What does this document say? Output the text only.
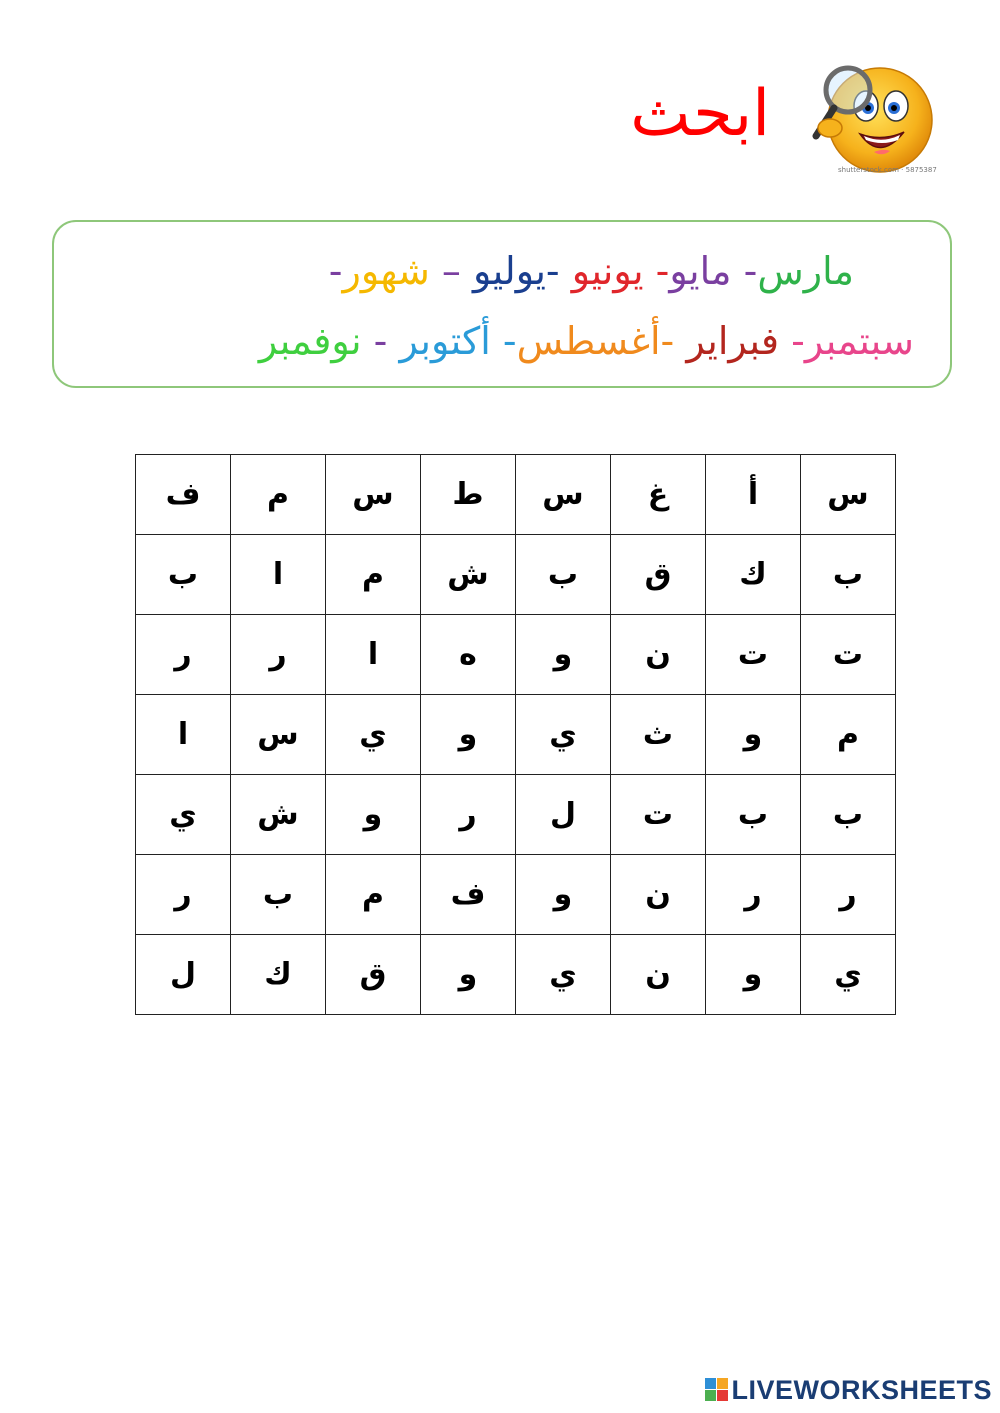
ابحث
shutterstock.com · 5875387
مارس- مايو- يونيو -يوليو – شهور-
سبتمبر- فبراير -أغسطس- أكتوبر - نوفمبر
س	أ	غ	س	ط	س	م	ف
ب	ك	ق	ب	ش	م	ا	ب
ت	ت	ن	و	ه	ا	ر	ر
م	و	ث	ي	و	ي	س	ا
ب	ب	ت	ل	ر	و	ش	ي
ر	ر	ن	و	ف	م	ب	ر
ي	و	ن	ي	و	ق	ك	ل
LIVEWORKSHEETS
